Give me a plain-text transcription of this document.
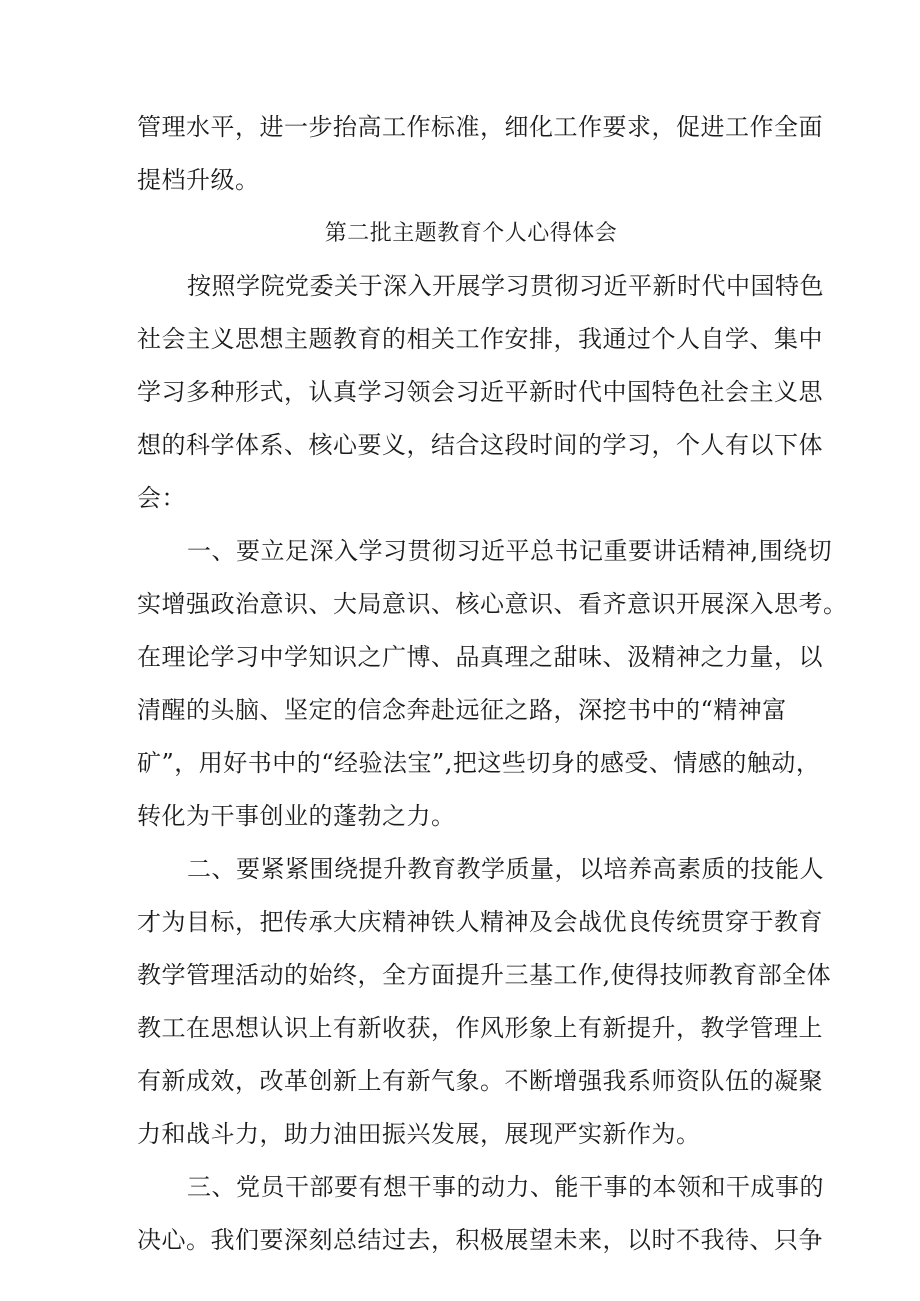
管理水平，进一步抬高工作标准，细化工作要求，促进工作全面
提档升级。
第二批主题教育个人心得体会
按照学院党委关于深入开展学习贯彻习近平新时代中国特色
社会主义思想主题教育的相关工作安排，我通过个人自学、集中
学习多种形式，认真学习领会习近平新时代中国特色社会主义思
想的科学体系、核心要义，结合这段时间的学习，个人有以下体
会：
一、要立足深入学习贯彻习近平总书记重要讲话精神,围绕切
实增强政治意识、大局意识、核心意识、看齐意识开展深入思考。
在理论学习中学知识之广博、品真理之甜味、汲精神之力量，以
清醒的头脑、坚定的信念奔赴远征之路，深挖书中的“精神富
矿”，用好书中的“经验法宝”,把这些切身的感受、情感的触动，
转化为干事创业的蓬勃之力。
二、要紧紧围绕提升教育教学质量，以培养高素质的技能人
才为目标，把传承大庆精神铁人精神及会战优良传统贯穿于教育
教学管理活动的始终，全方面提升三基工作,使得技师教育部全体
教工在思想认识上有新收获，作风形象上有新提升，教学管理上
有新成效，改革创新上有新气象。不断增强我系师资队伍的凝聚
力和战斗力，助力油田振兴发展，展现严实新作为。
三、党员干部要有想干事的动力、能干事的本领和干成事的
决心。我们要深刻总结过去，积极展望未来，以时不我待、只争
